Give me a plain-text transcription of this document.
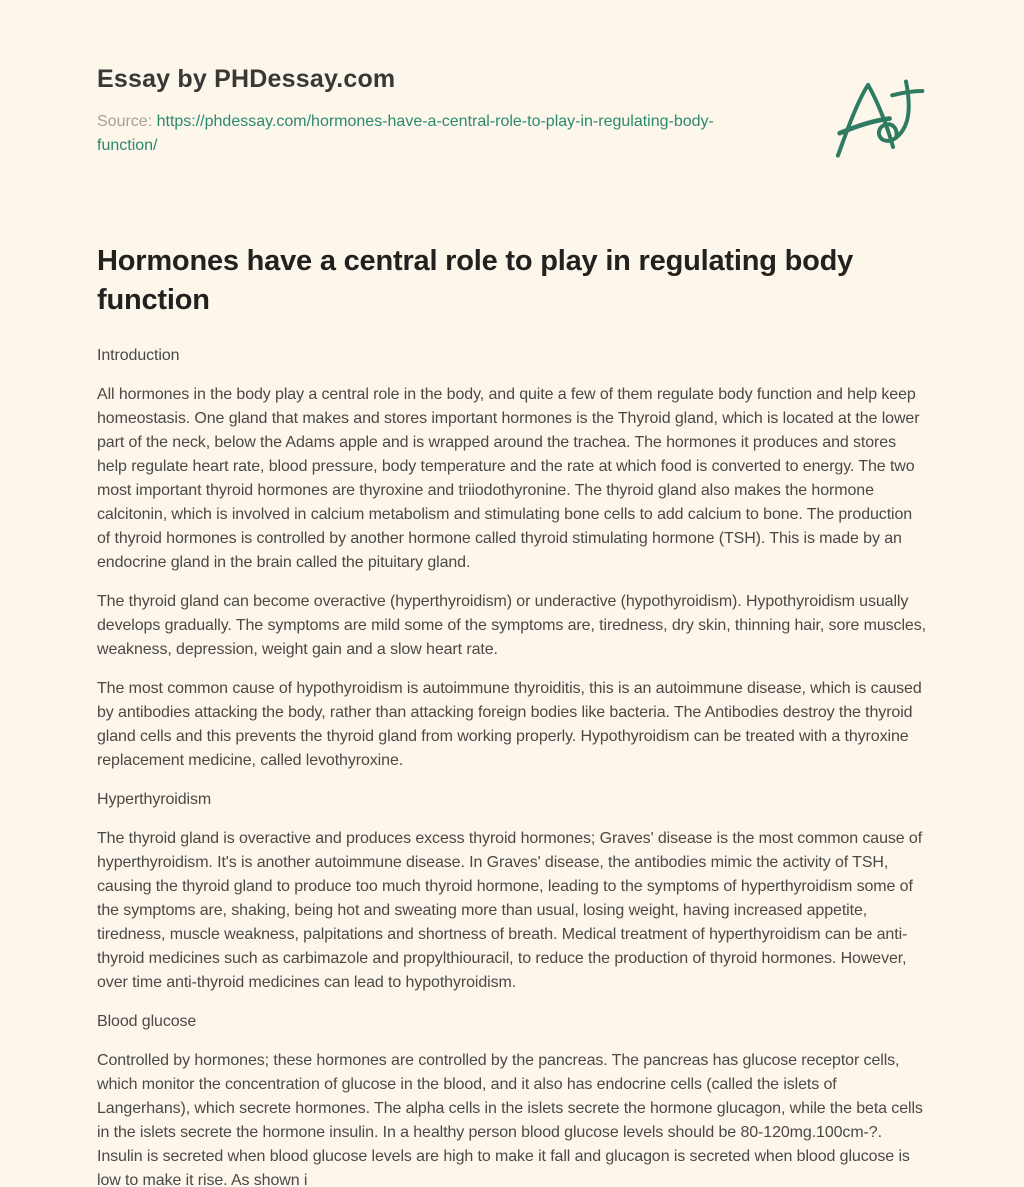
Essay by PHDessay.com
Source: https://phdessay.com/hormones-have-a-central-role-to-play-in-regulating-body-function/
Hormones have a central role to play in regulating body function
Introduction

All hormones in the body play a central role in the body, and quite a few of them regulate body function and help keep homeostasis. One gland that makes and stores important hormones is the Thyroid gland, which is located at the lower part of the neck, below the Adams apple and is wrapped around the trachea. The hormones it produces and stores help regulate heart rate, blood pressure, body temperature and the rate at which food is converted to energy. The two most important thyroid hormones are thyroxine and triiodothyronine. The thyroid gland also makes the hormone calcitonin, which is involved in calcium metabolism and stimulating bone cells to add calcium to bone. The production of thyroid hormones is controlled by another hormone called thyroid stimulating hormone (TSH). This is made by an endocrine gland in the brain called the pituitary gland.

The thyroid gland can become overactive (hyperthyroidism) or underactive (hypothyroidism). Hypothyroidism usually develops gradually. The symptoms are mild some of the symptoms are, tiredness, dry skin, thinning hair, sore muscles, weakness, depression, weight gain and a slow heart rate.

The most common cause of hypothyroidism is autoimmune thyroiditis, this is an autoimmune disease, which is caused by antibodies attacking the body, rather than attacking foreign bodies like bacteria. The Antibodies destroy the thyroid gland cells and this prevents the thyroid gland from working properly. Hypothyroidism can be treated with a thyroxine replacement medicine, called levothyroxine.

Hyperthyroidism

The thyroid gland is overactive and produces excess thyroid hormones; Graves' disease is the most common cause of hyperthyroidism. It's is another autoimmune disease. In Graves' disease, the antibodies mimic the activity of TSH, causing the thyroid gland to produce too much thyroid hormone, leading to the symptoms of hyperthyroidism some of the symptoms are, shaking, being hot and sweating more than usual, losing weight, having increased appetite, tiredness, muscle weakness, palpitations and shortness of breath. Medical treatment of hyperthyroidism can be anti-thyroid medicines such as carbimazole and propylthiouracil, to reduce the production of thyroid hormones. However, over time anti-thyroid medicines can lead to hypothyroidism.

Blood glucose

Controlled by hormones; these hormones are controlled by the pancreas. The pancreas has glucose receptor cells, which monitor the concentration of glucose in the blood, and it also has endocrine cells (called the islets of Langerhans), which secrete hormones. The alpha cells in the islets secrete the hormone glucagon, while the beta cells in the islets secrete the hormone insulin. In a healthy person blood glucose levels should be 80-120mg.100cm-?. Insulin is secreted when blood glucose levels are high to make it fall and glucagon is secreted when blood glucose is low to make it rise. As shown i
